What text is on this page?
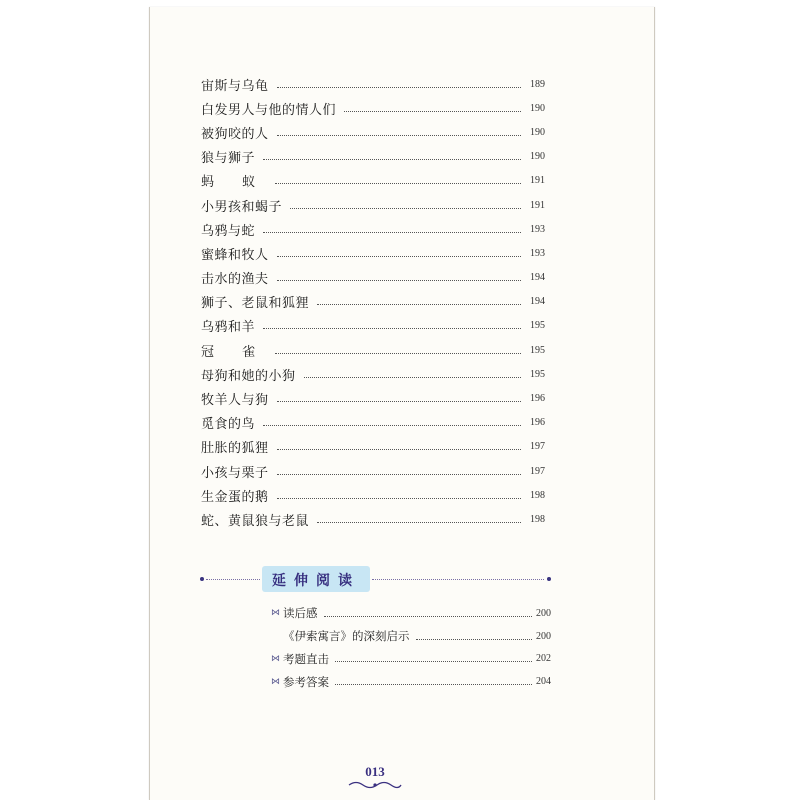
宙斯与乌龟	189
白发男人与他的情人们	190
被狗咬的人	190
狼与狮子	190
蚂 蚁	191
小男孩和蝎子	191
乌鸦与蛇	193
蜜蜂和牧人	193
击水的渔夫	194
狮子、老鼠和狐狸	194
乌鸦和羊	195
冠 雀	195
母狗和她的小狗	195
牧羊人与狗	196
觅食的鸟	196
肚胀的狐狸	197
小孩与栗子	197
生金蛋的鹅	198
蛇、黄鼠狼与老鼠	198
延伸阅读
⋈ 读后感	200
《伊索寓言》的深刻启示	200
⋈ 考题直击	202
⋈ 参考答案	204
013
